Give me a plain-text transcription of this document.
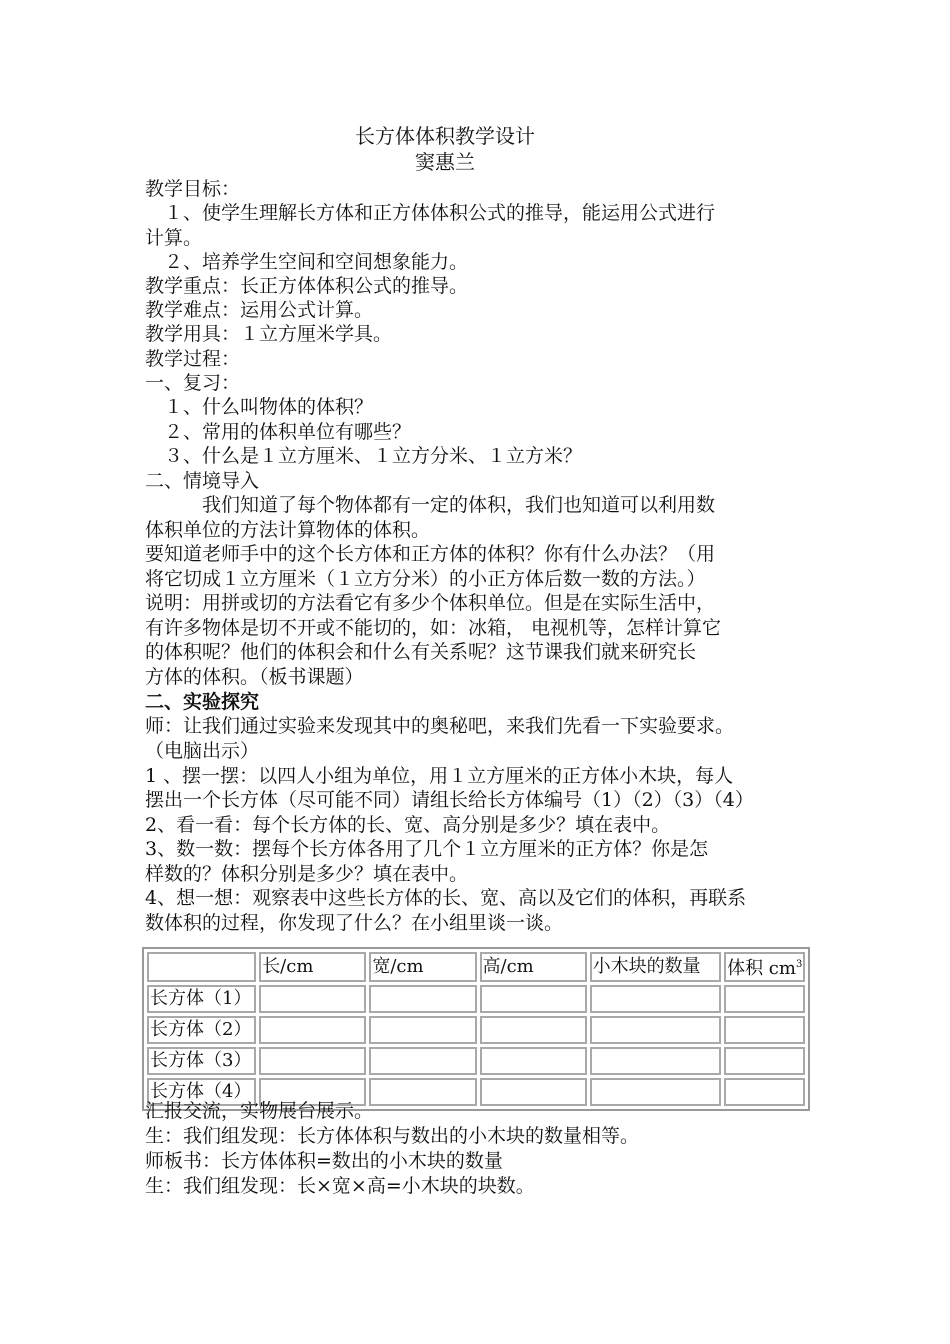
长方体体积教学设计
窦惠兰
教学目标：
　１、使学生理解长方体和正方体体积公式的推导，能运用公式进行
计算。
　２、培养学生空间和空间想象能力。
教学重点：长正方体体积公式的推导。
教学难点：运用公式计算。
教学用具：１立方厘米学具。
教学过程：
一、复习：
　１、什么叫物体的体积？
　２、常用的体积单位有哪些？
　３、什么是１立方厘米、１立方分米、１立方米？
二、情境导入
　　　我们知道了每个物体都有一定的体积，我们也知道可以利用数
体积单位的方法计算物体的体积。
要知道老师手中的这个长方体和正方体的体积？你有什么办法？（用
将它切成１立方厘米（１立方分米）的小正方体后数一数的方法。）
说明：用拼或切的方法看它有多少个体积单位。但是在实际生活中，
有许多物体是切不开或不能切的，如：冰箱， 电视机等，怎样计算它
的体积呢？他们的体积会和什么有关系呢？这节课我们就来研究长
方体的体积。（板书课题）
二、实验探究
师：让我们通过实验来发现其中的奥秘吧，来我们先看一下实验要求。
（电脑出示）
1 、摆一摆：以四人小组为单位，用１立方厘米的正方体小木块，每人
摆出一个长方体（尽可能不同）请组长给长方体编号（1）（2）（3）（4）
2、看一看：每个长方体的长、宽、高分别是多少？填在表中。
3、数一数：摆每个长方体各用了几个１立方厘米的正方体？你是怎
样数的？体积分别是多少？填在表中。
4、想一想：观察表中这些长方体的长、宽、高以及它们的体积，再联系
数体积的过程，你发现了什么？在小组里谈一谈。
	长/cm	宽/cm	高/cm	小木块的数量	体积 $cm^3$
长方体（1）					
长方体（2）					
长方体（3）					
长方体（4）					
汇报交流，实物展台展示。
生：我们组发现：长方体体积与数出的小木块的数量相等。
师板书：长方体体积=数出的小木块的数量
生：我们组发现：长×宽×高=小木块的块数。
